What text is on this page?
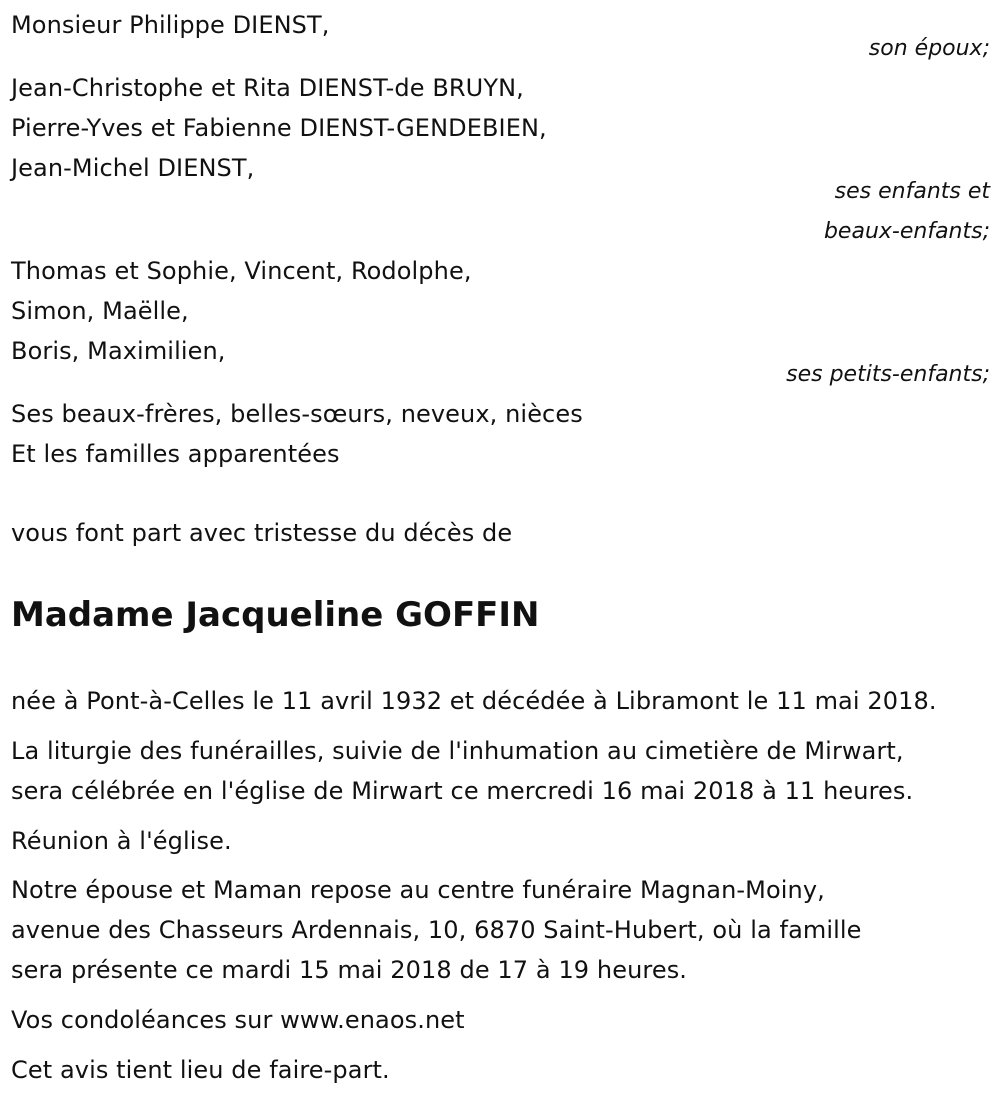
Monsieur Philippe DIENST,
son époux;
Jean-Christophe et Rita DIENST-de BRUYN,
Pierre-Yves et Fabienne DIENST-GENDEBIEN,
Jean-Michel DIENST,
ses enfants et
beaux-enfants;
Thomas et Sophie, Vincent, Rodolphe,
Simon, Maëlle,
Boris, Maximilien,
ses petits-enfants;
Ses beaux-frères, belles-sœurs, neveux, nièces
Et les familles apparentées
vous font part avec tristesse du décès de
Madame Jacqueline GOFFIN
née à Pont-à-Celles le 11 avril 1932 et décédée à Libramont le 11 mai 2018.
La liturgie des funérailles, suivie de l'inhumation au cimetière de Mirwart,
sera célébrée en l'église de Mirwart ce mercredi 16 mai 2018 à 11 heures.
Réunion à l'église.
Notre épouse et Maman repose au centre funéraire Magnan-Moiny,
avenue des Chasseurs Ardennais, 10, 6870 Saint-Hubert, où la famille
sera présente ce mardi 15 mai 2018 de 17 à 19 heures.
Vos condoléances sur www.enaos.net
Cet avis tient lieu de faire-part.
